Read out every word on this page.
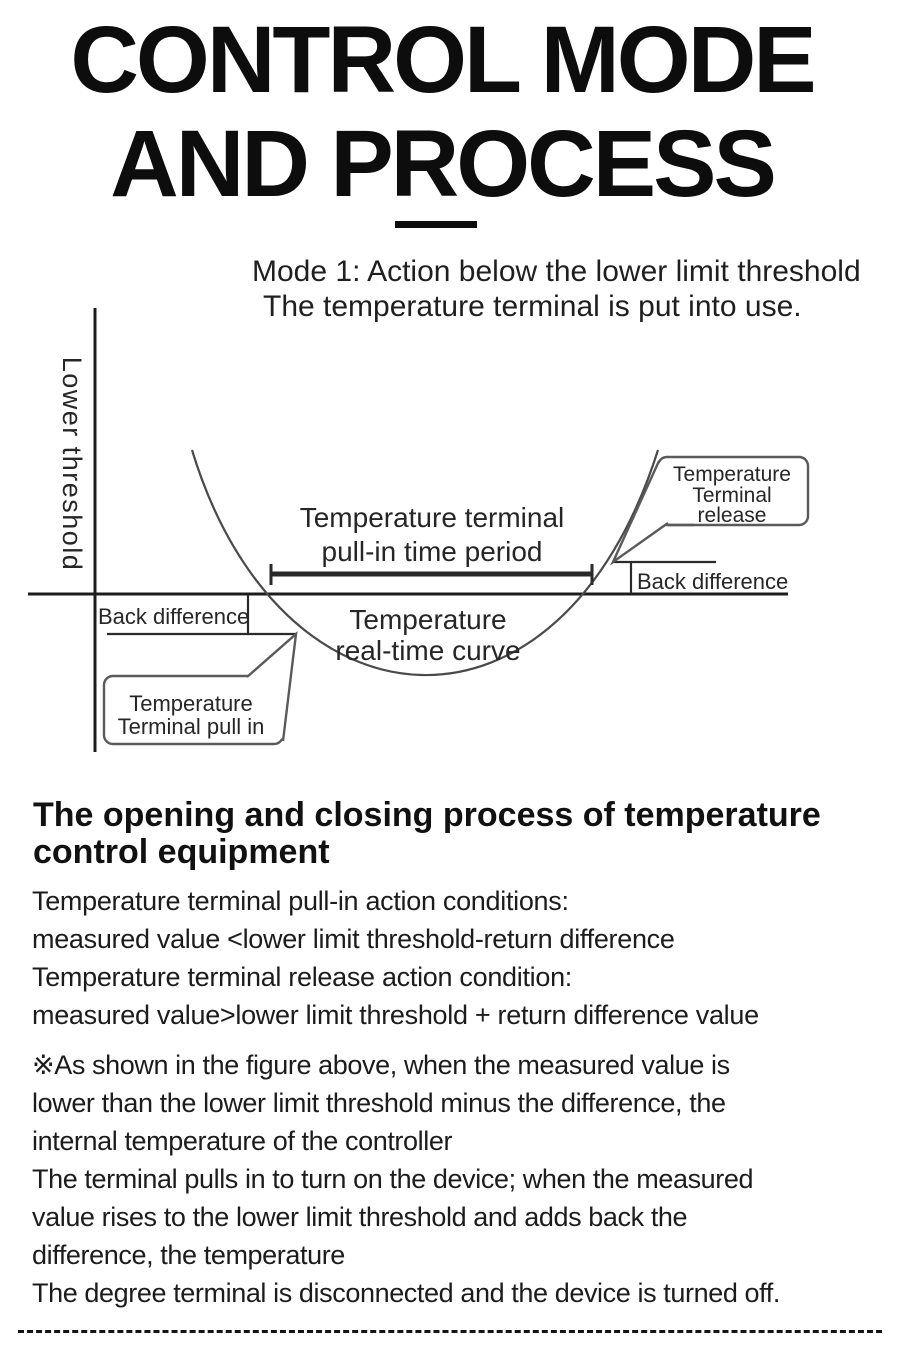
CONTROL MODE
AND PROCESS
Mode 1: Action below the lower limit threshold
The temperature terminal is put into use.
Lower threshold	Temperature terminal
pull-in time period
Temperature
real-time curve
Back difference
Back difference
Temperature
Terminal pull in
Temperature
Terminal
release
The opening and closing process of temperature
control equipment
Temperature terminal pull-in action conditions:
measured value <lower limit threshold-return difference
Temperature terminal release action condition:
measured value>lower limit threshold + return difference value
※As shown in the figure above, when the measured value is
lower than the lower limit threshold minus the difference, the
internal temperature of the controller
The terminal pulls in to turn on the device; when the measured
value rises to the lower limit threshold and adds back the
difference, the temperature
The degree terminal is disconnected and the device is turned off.
